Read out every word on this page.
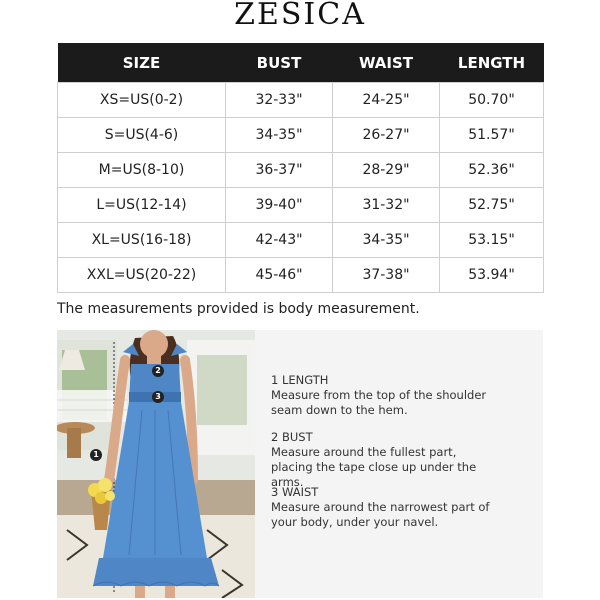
ZESICA
SIZE	BUST	WAIST	LENGTH
XS=US(0-2)	32-33"	24-25"	50.70"
S=US(4-6)	34-35"	26-27"	51.57"
M=US(8-10)	36-37"	28-29"	52.36"
L=US(12-14)	39-40"	31-32"	52.75"
XL=US(16-18)	42-43"	34-35"	53.15"
XXL=US(20-22)	45-46"	37-38"	53.94"
The measurements provided is body measurement.
2
3
1
1 LENGTH
Measure from the top of the shoulder seam down to the hem.
2 BUST
Measure around the fullest part, placing the tape close up under the arms.
3 WAIST
Measure around the narrowest part of your body, under your navel.
